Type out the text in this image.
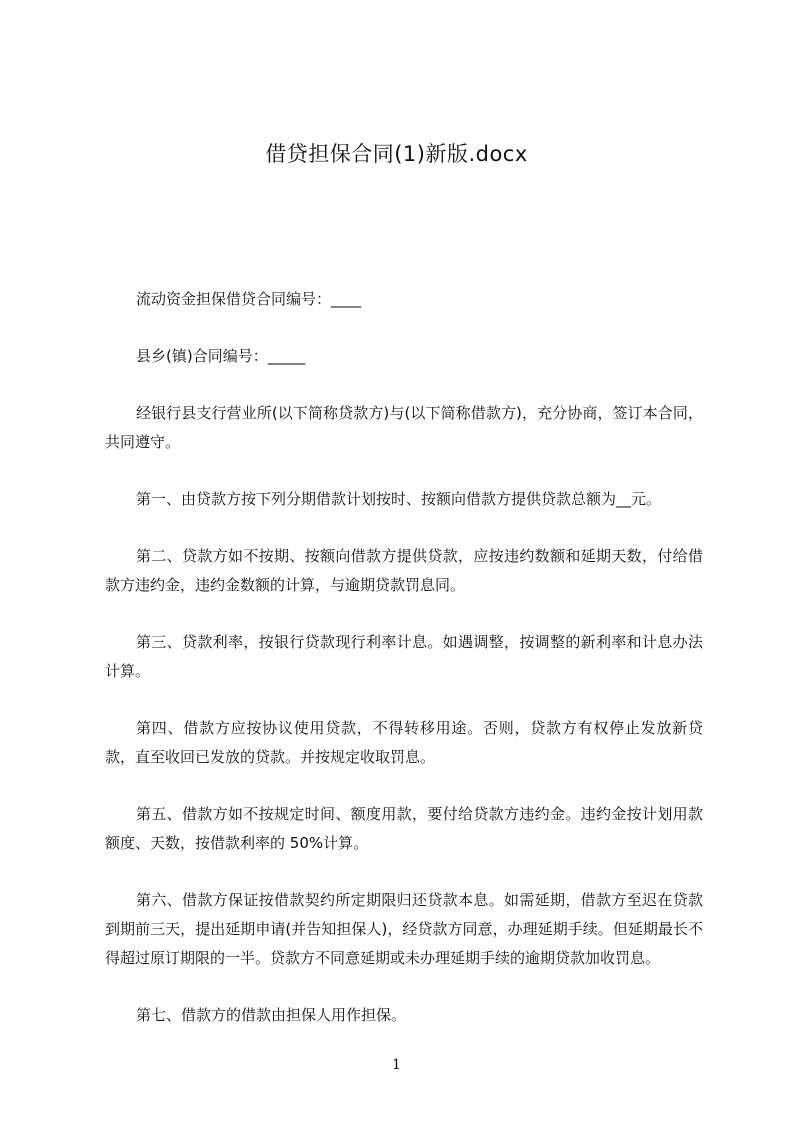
借贷担保合同(1)新版.docx

流动资金担保借贷合同编号：____

县乡(镇)合同编号：_____

经银行县支行营业所(以下简称贷款方)与(以下简称借款方)，充分协商，签订本合同，共同遵守。

第一、由贷款方按下列分期借款计划按时、按额向借款方提供贷款总额为__元。

第二、贷款方如不按期、按额向借款方提供贷款，应按违约数额和延期天数，付给借款方违约金，违约金数额的计算，与逾期贷款罚息同。

第三、贷款利率，按银行贷款现行利率计息。如遇调整，按调整的新利率和计息办法计算。

第四、借款方应按协议使用贷款，不得转移用途。否则，贷款方有权停止发放新贷款，直至收回已发放的贷款。并按规定收取罚息。

第五、借款方如不按规定时间、额度用款，要付给贷款方违约金。违约金按计划用款额度、天数，按借款利率的 50%计算。

第六、借款方保证按借款契约所定期限归还贷款本息。如需延期，借款方至迟在贷款到期前三天，提出延期申请(并告知担保人)，经贷款方同意，办理延期手续。但延期最长不得超过原订期限的一半。贷款方不同意延期或未办理延期手续的逾期贷款加收罚息。

第七、借款方的借款由担保人用作担保。

1
